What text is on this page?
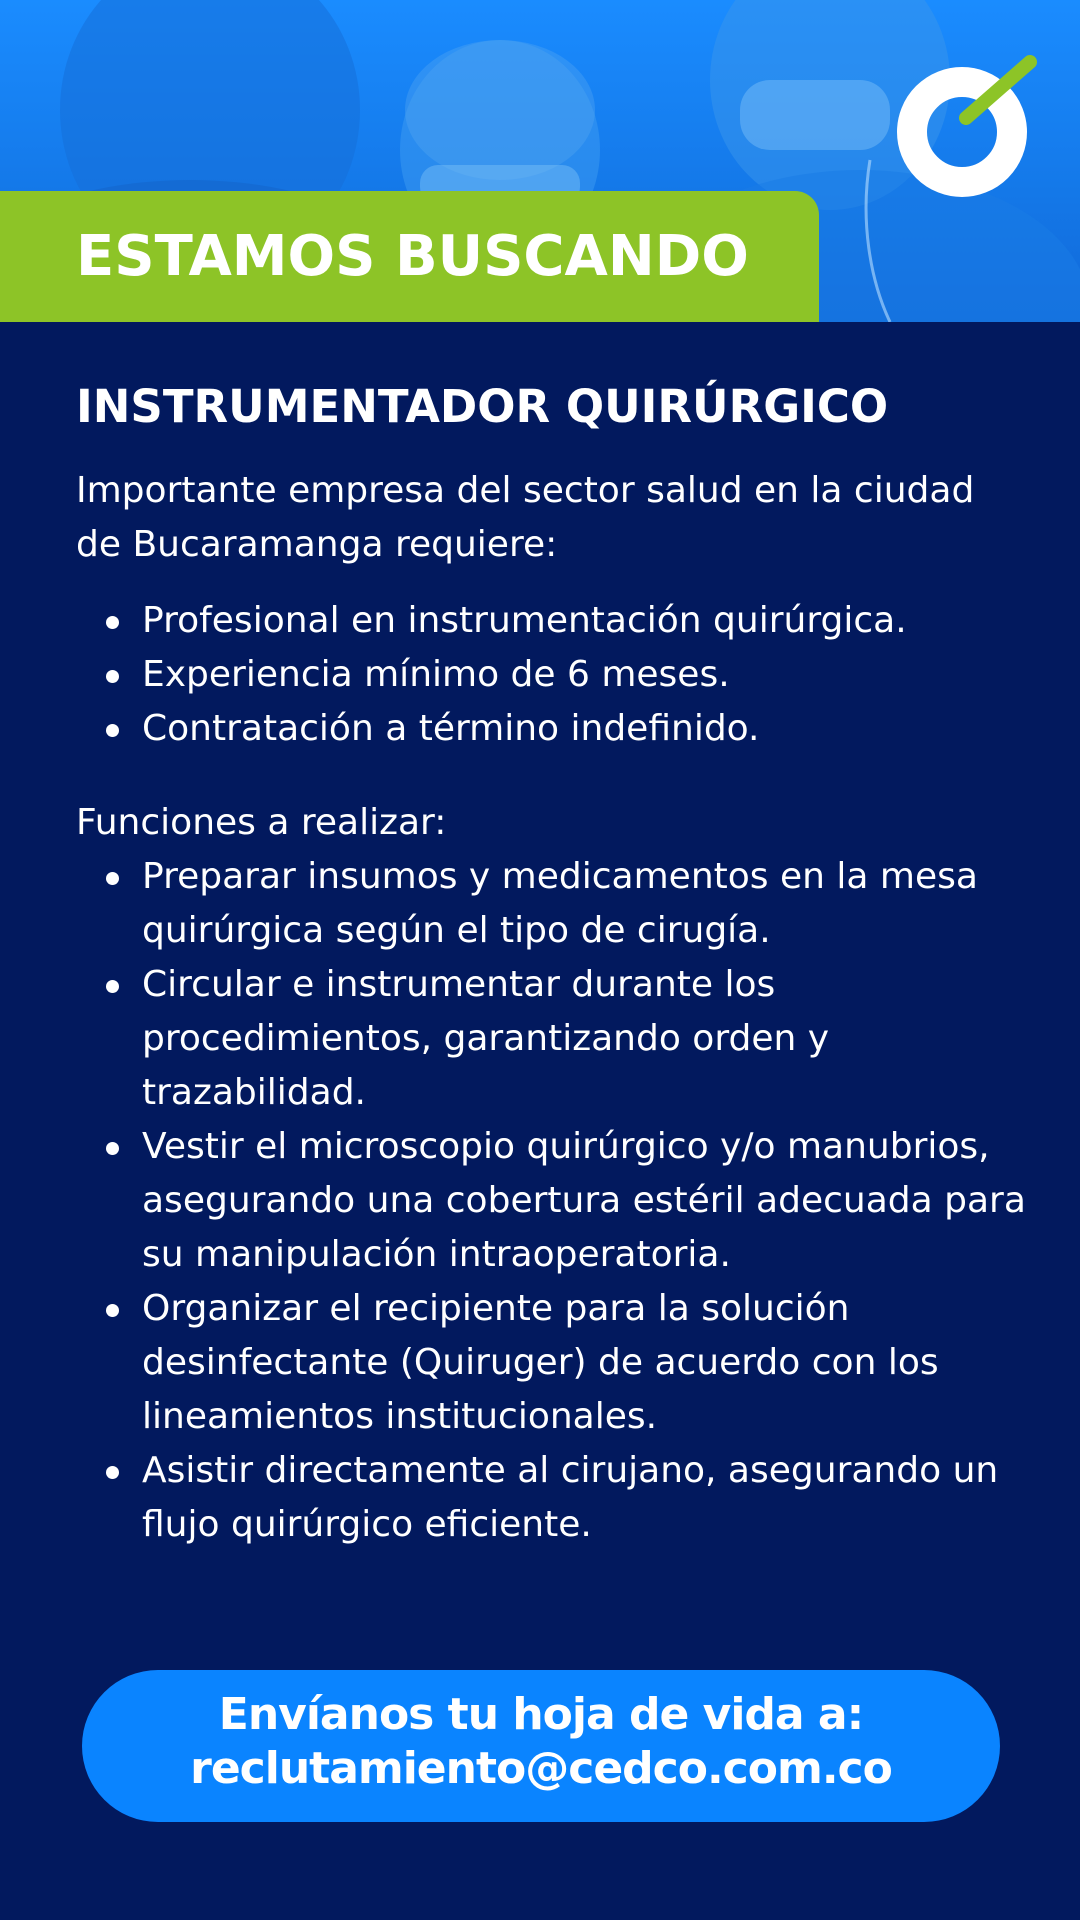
ESTAMOS BUSCANDO
INSTRUMENTADOR QUIRÚRGICO
Importante empresa del sector salud en la ciudad de Bucaramanga requiere:
Profesional en instrumentación quirúrgica.
Experiencia mínimo de 6 meses.
Contratación a término indefinido.
Funciones a realizar:
Preparar insumos y medicamentos en la mesa quirúrgica según el tipo de cirugía.
Circular e instrumentar durante los procedimientos, garantizando orden y trazabilidad.
Vestir el microscopio quirúrgico y/o manubrios, asegurando una cobertura estéril adecuada para su manipulación intraoperatoria.
Organizar el recipiente para la solución desinfectante (Quiruger) de acuerdo con los lineamientos institucionales.
Asistir directamente al cirujano, asegurando un flujo quirúrgico eficiente.
Envíanos tu hoja de vida a:
reclutamiento@cedco.com.co
